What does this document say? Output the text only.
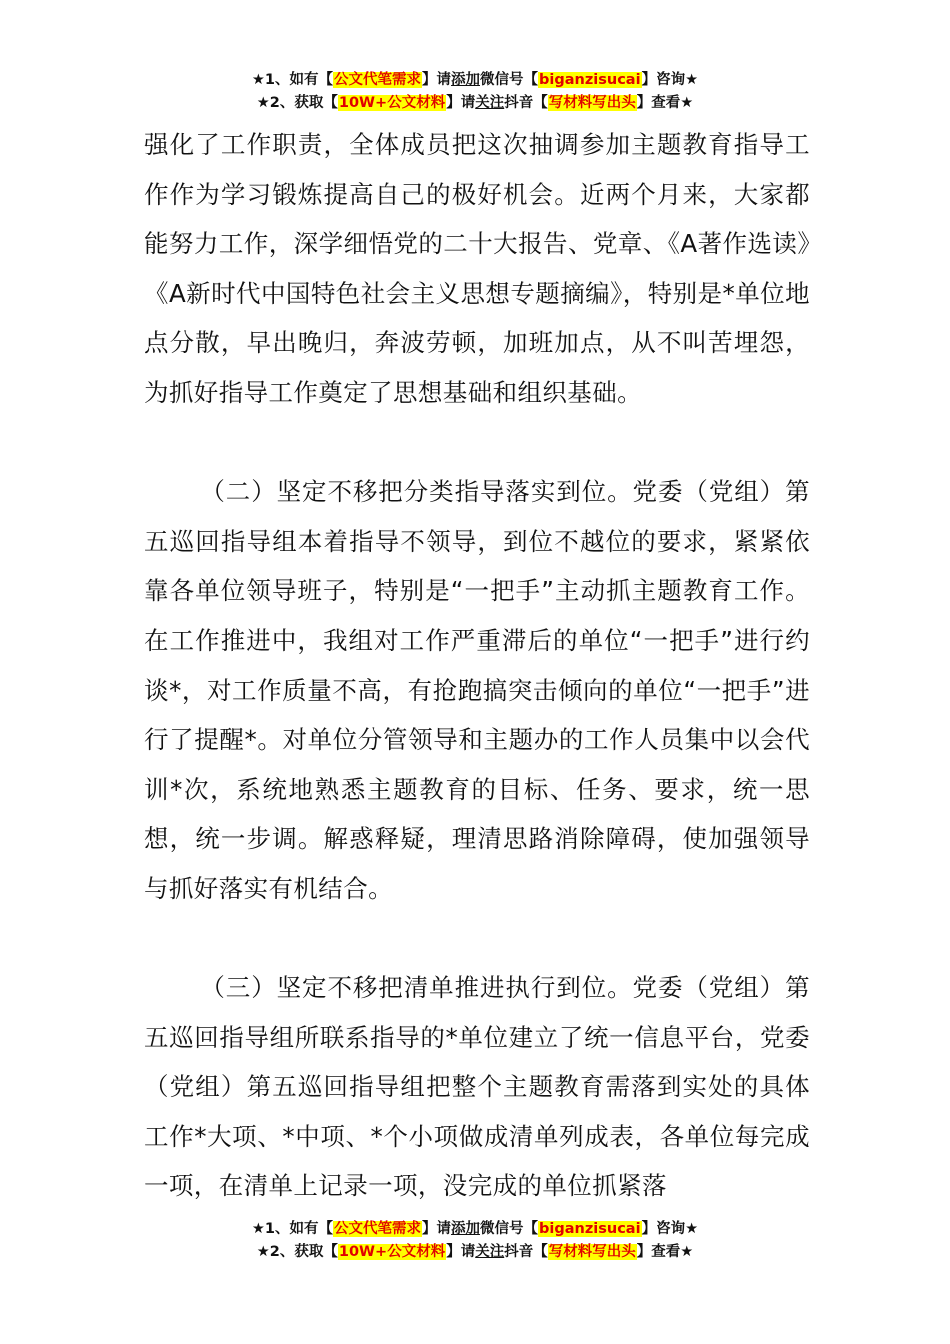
★1、如有【公文代笔需求】请添加微信号【biganzisucai】咨询★
★2、获取【10W+公文材料】请关注抖音【写材料写出头】查看★

强化了工作职责，全体成员把这次抽调参加主题教育指导工作作为学习锻炼提高自己的极好机会。近两个月来，大家都能努力工作，深学细悟党的二十大报告、党章、《A著作选读》《A新时代中国特色社会主义思想专题摘编》，特别是*单位地点分散，早出晚归，奔波劳顿，加班加点，从不叫苦埋怨，为抓好指导工作奠定了思想基础和组织基础。

（二）坚定不移把分类指导落实到位。党委（党组）第五巡回指导组本着指导不领导，到位不越位的要求，紧紧依靠各单位领导班子，特别是“一把手”主动抓主题教育工作。在工作推进中，我组对工作严重滞后的单位“一把手”进行约谈*，对工作质量不高，有抢跑搞突击倾向的单位“一把手”进行了提醒*。对单位分管领导和主题办的工作人员集中以会代训*次，系统地熟悉主题教育的目标、任务、要求，统一思想，统一步调。解惑释疑，理清思路消除障碍，使加强领导与抓好落实有机结合。

（三）坚定不移把清单推进执行到位。党委（党组）第五巡回指导组所联系指导的*单位建立了统一信息平台，党委（党组）第五巡回指导组把整个主题教育需落到实处的具体工作*大项、*中项、*个小项做成清单列成表，各单位每完成一项，在清单上记录一项，没完成的单位抓紧落

★1、如有【公文代笔需求】请添加微信号【biganzisucai】咨询★
★2、获取【10W+公文材料】请关注抖音【写材料写出头】查看★
